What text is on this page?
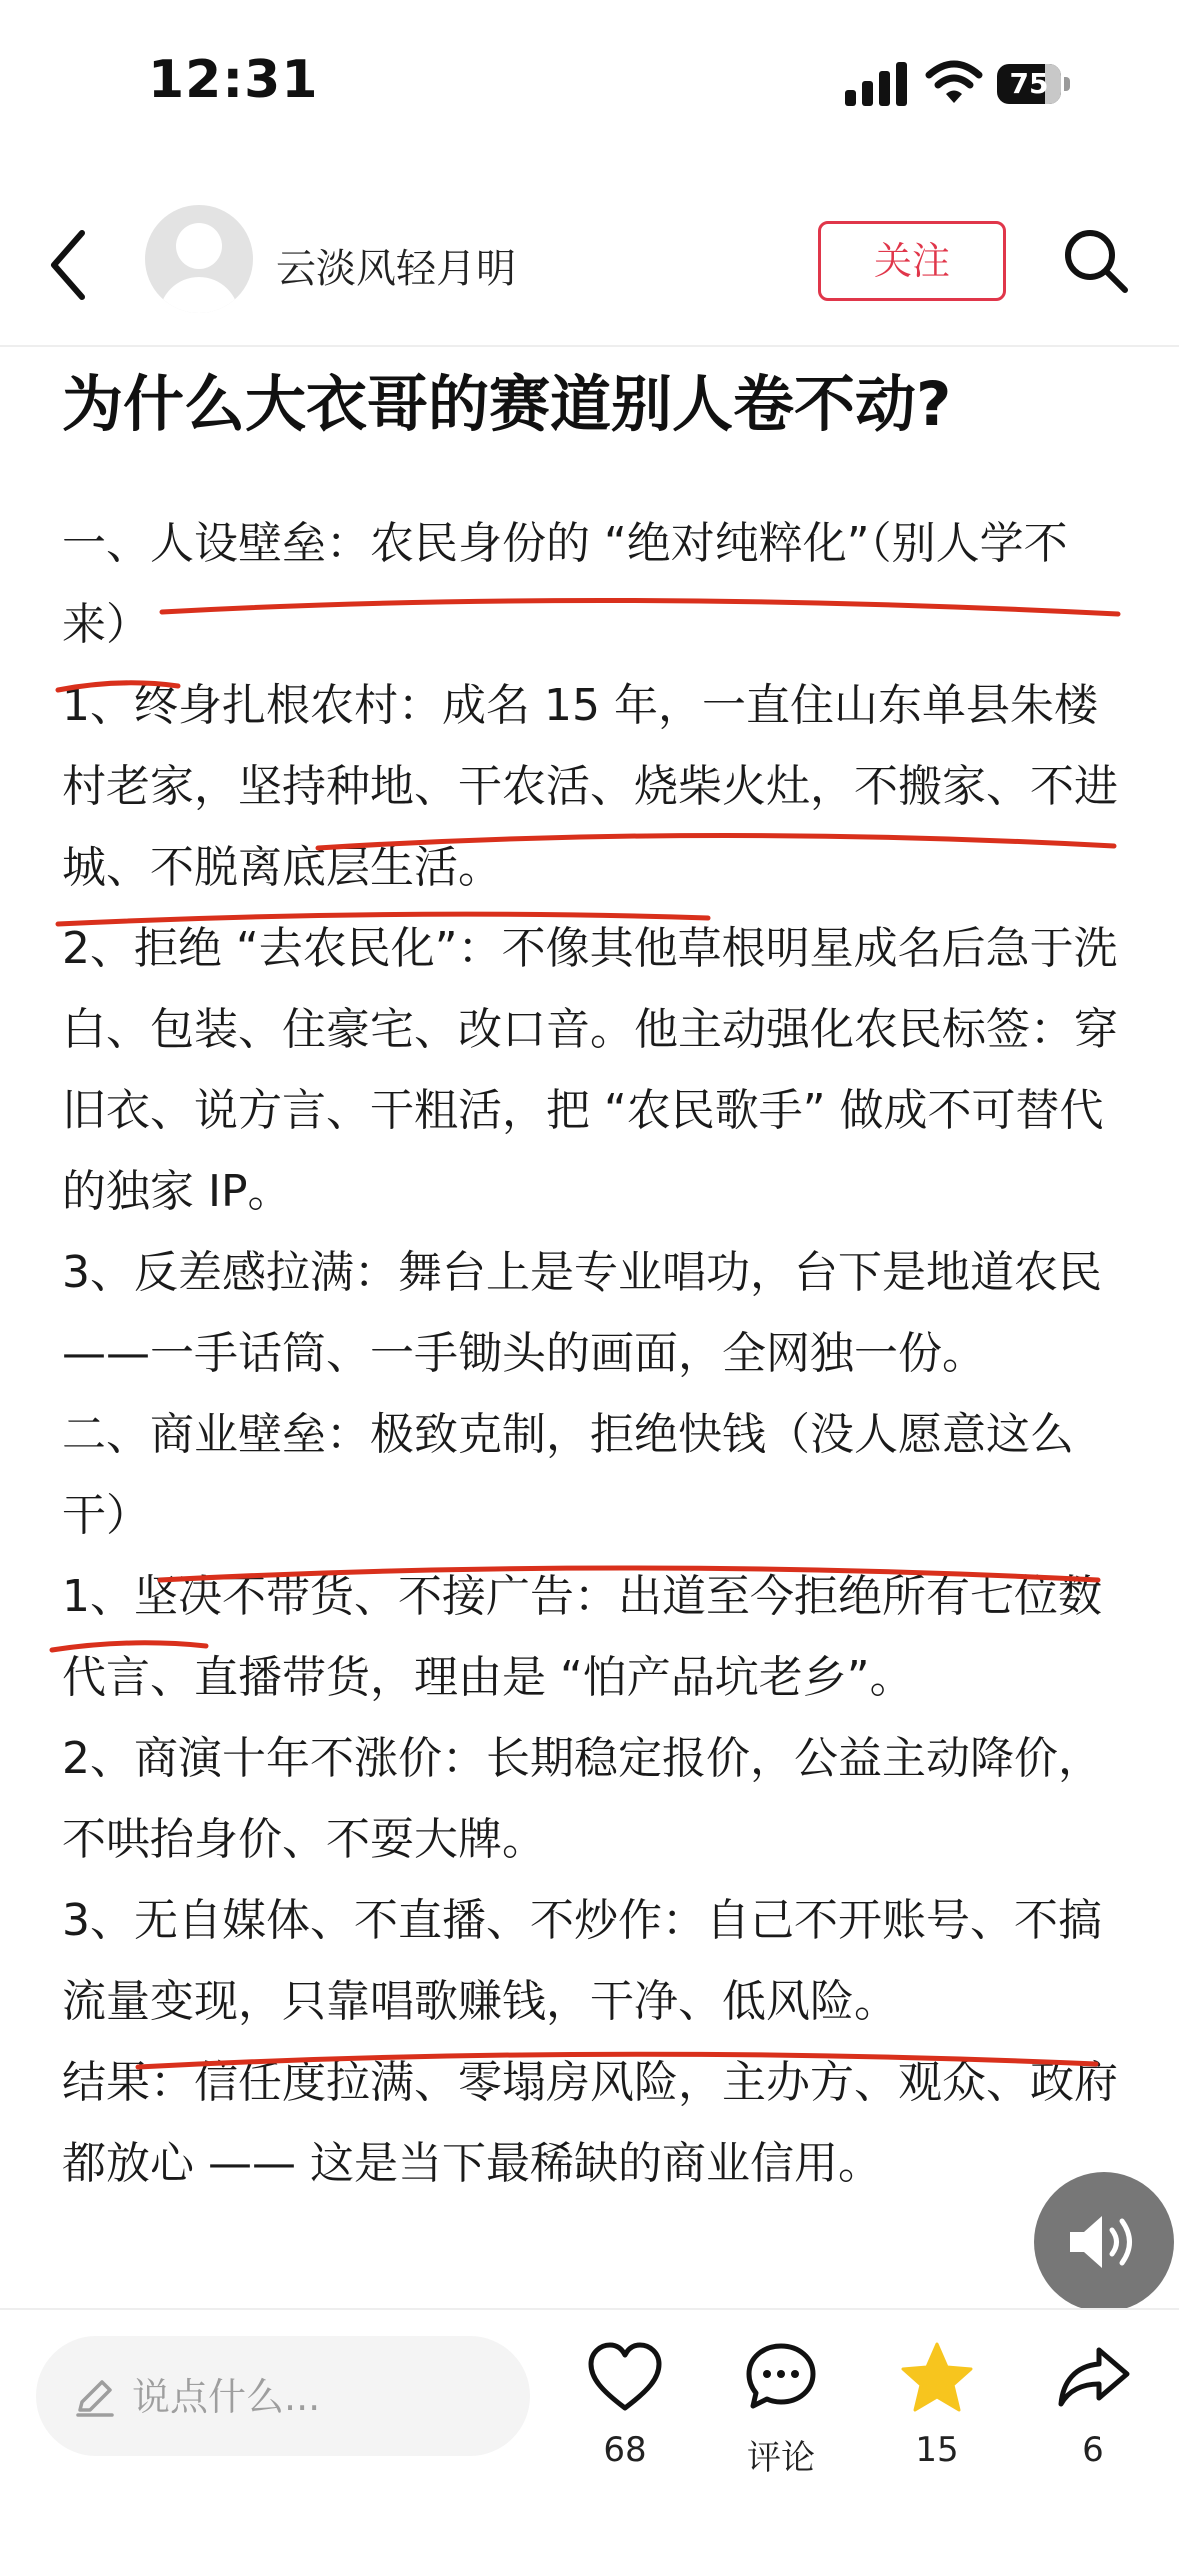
12:31	75
云淡风轻月明	关注
为什么大衣哥的赛道别人卷不动?

一、人设壁垒：农民身份的 “绝对纯粹化”（别人学不来）

1、终身扎根农村：成名 15 年，一直住山东单县朱楼村老家，坚持种地、干农活、烧柴火灶，不搬家、不进城、不脱离底层生活。

2、拒绝 “去农民化”：不像其他草根明星成名后急于洗白、包装、住豪宅、改口音。他主动强化农民标签：穿旧衣、说方言、干粗活，把 “农民歌手” 做成不可替代的独家 IP。

3、反差感拉满：舞台上是专业唱功，台下是地道农民 ——一手话筒、一手锄头的画面，全网独一份。

二、商业壁垒：极致克制，拒绝快钱（没人愿意这么干）

1、坚决不带货、不接广告：出道至今拒绝所有七位数代言、直播带货，理由是 “怕产品坑老乡”。

2、商演十年不涨价：长期稳定报价，公益主动降价，不哄抬身价、不耍大牌。

3、无自媒体、不直播、不炒作：自己不开账号、不搞流量变现，只靠唱歌赚钱，干净、低风险。

结果：信任度拉满、零塌房风险，主办方、观众、政府都放心 —— 这是当下最稀缺的商业信用。

说点什么...
68	评论	15	6
